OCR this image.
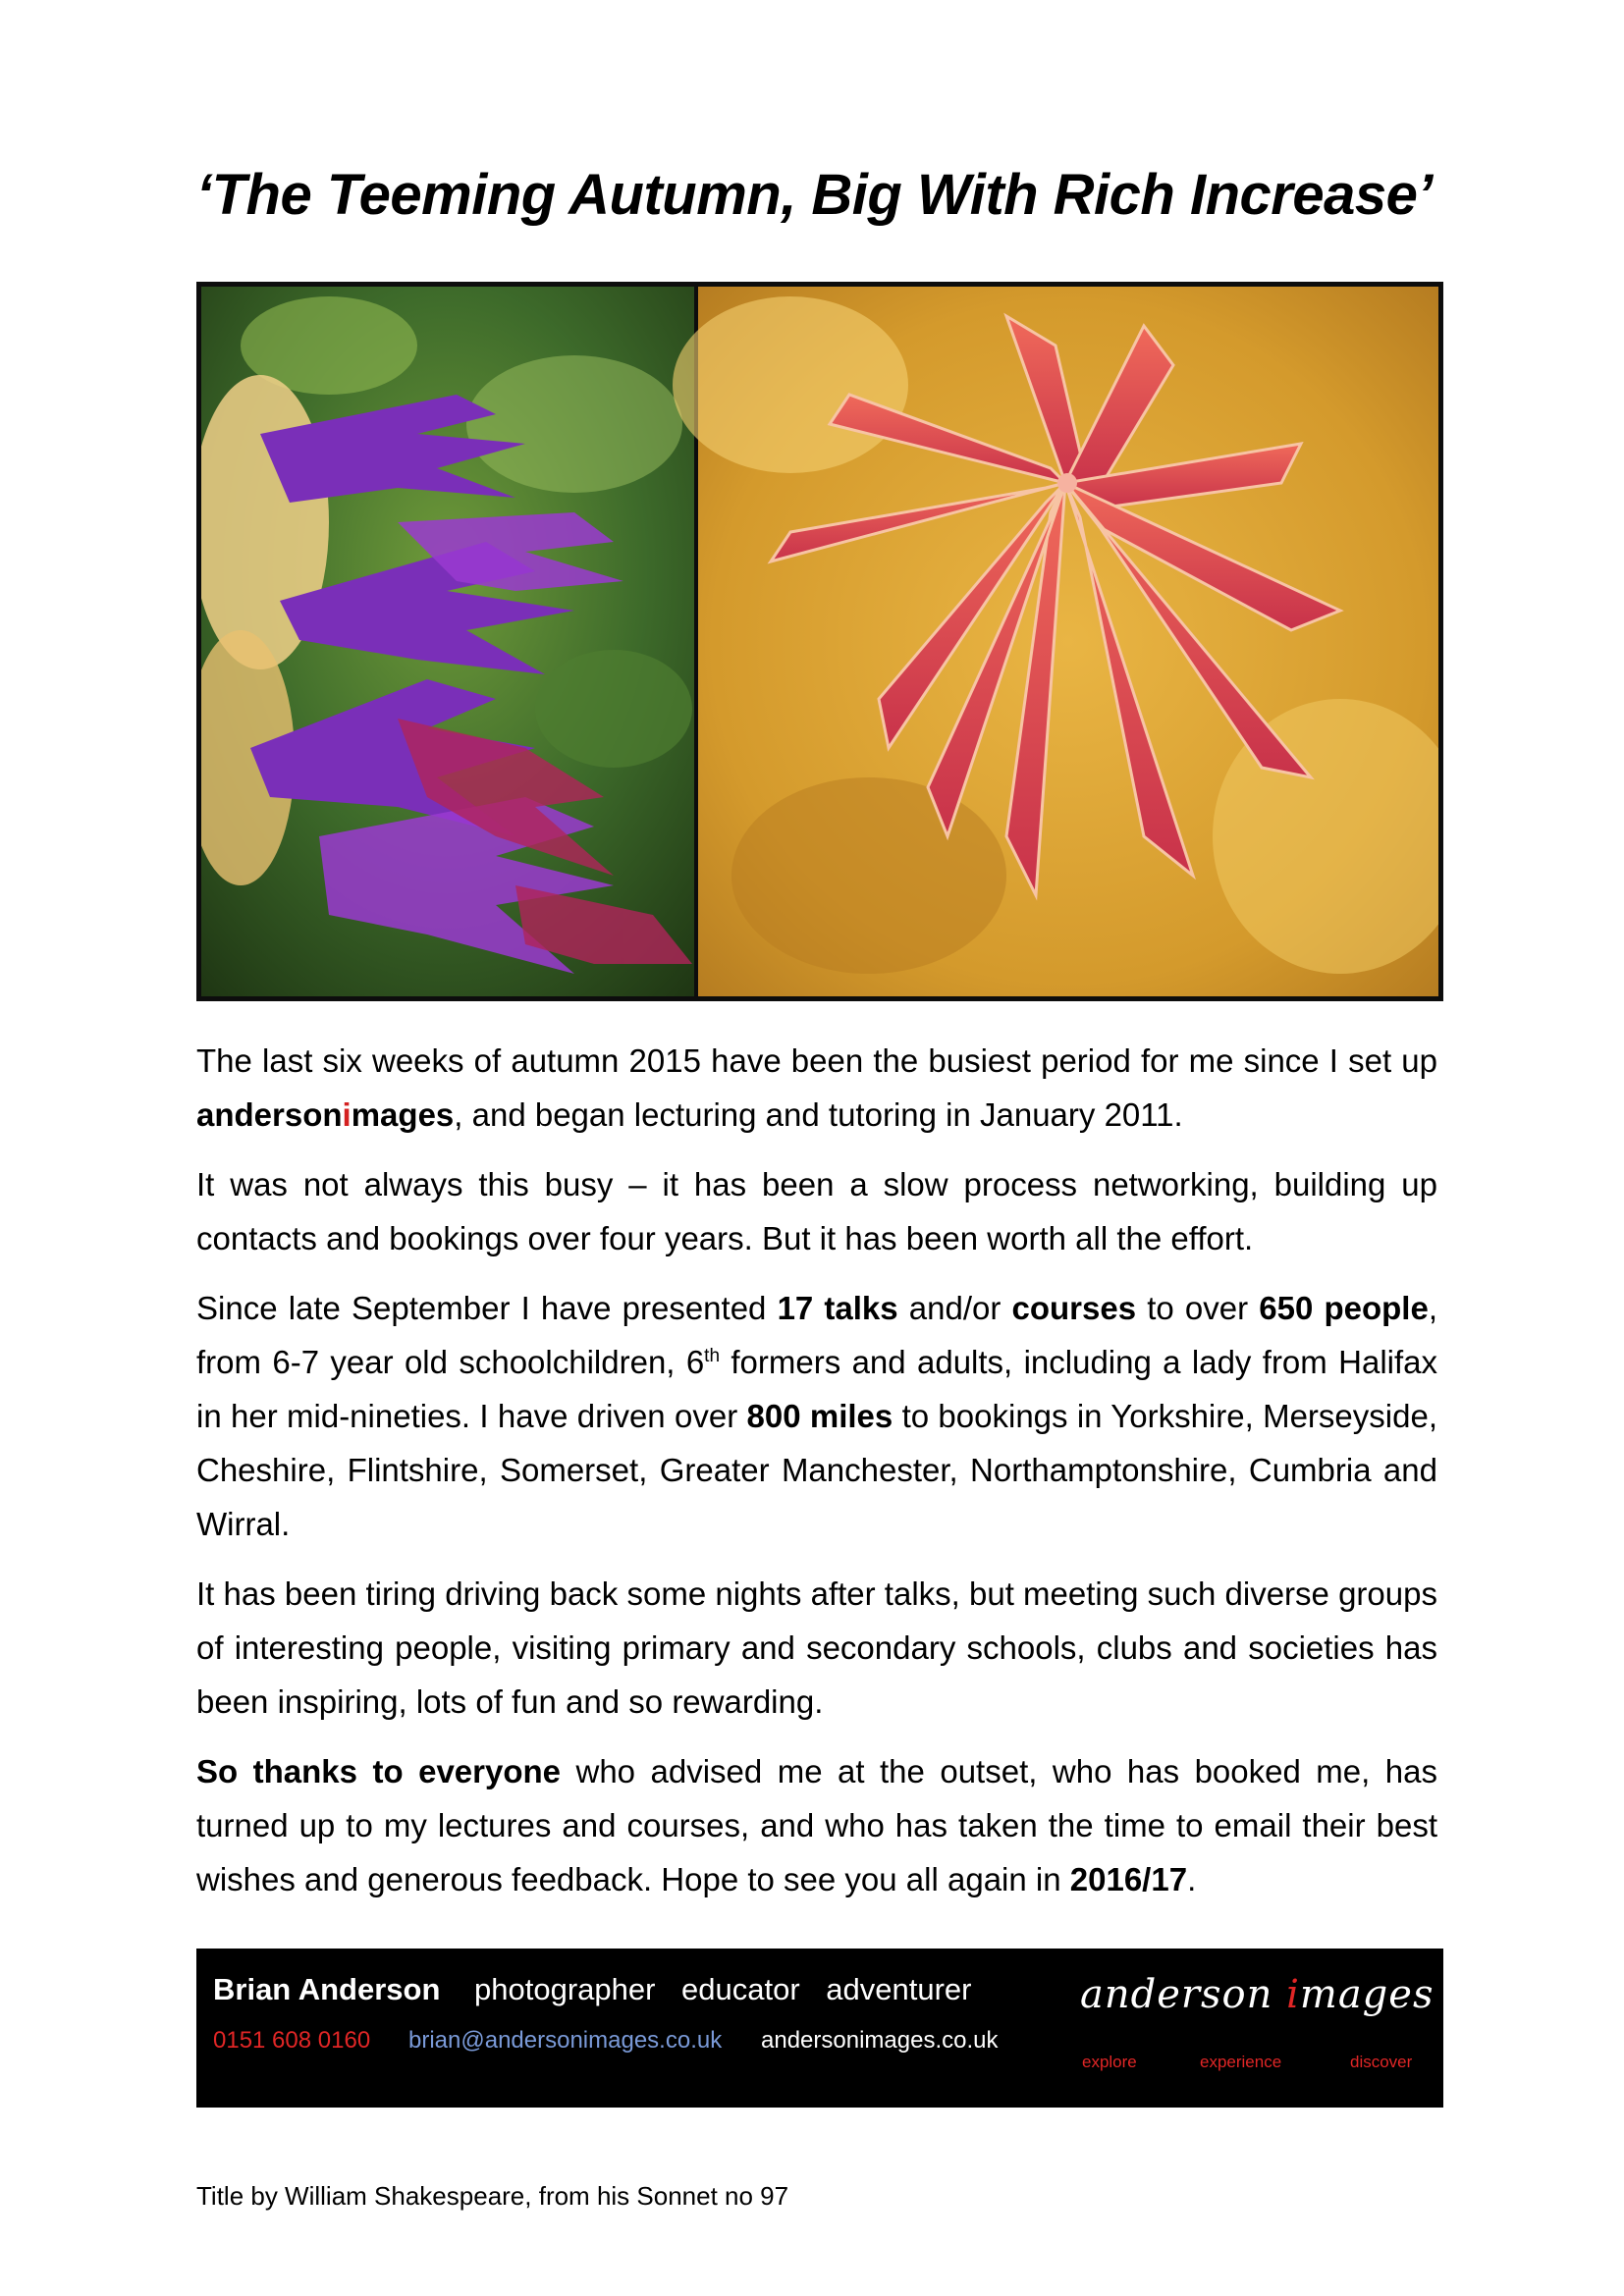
‘The Teeming Autumn, Big With Rich Increase’

The last six weeks of autumn 2015 have been the busiest period for me since I set up andersonimages, and began lecturing and tutoring in January 2011.

It was not always this busy – it has been a slow process networking, building up contacts and bookings over four years. But it has been worth all the effort.

Since late September I have presented 17 talks and/or courses to over 650 people, from 6-7 year old schoolchildren, 6th formers and adults, including a lady from Halifax in her mid-nineties. I have driven over 800 miles to bookings in Yorkshire, Merseyside, Cheshire, Flintshire, Somerset, Greater Manchester, Northamptonshire, Cumbria and Wirral.

It has been tiring driving back some nights after talks, but meeting such diverse groups of interesting people, visiting primary and secondary schools, clubs and societies has been inspiring, lots of fun and so rewarding.

So thanks to everyone who advised me at the outset, who has booked me, has turned up to my lectures and courses, and who has taken the time to email their best wishes and generous feedback. Hope to see you all again in 2016/17.

Brian Anderson photographer educator adventurer
0151 608 0160 brian@andersonimages.co.uk andersonimages.co.uk
anderson images
explore	experience	discover
Title by William Shakespeare, from his Sonnet no 97
